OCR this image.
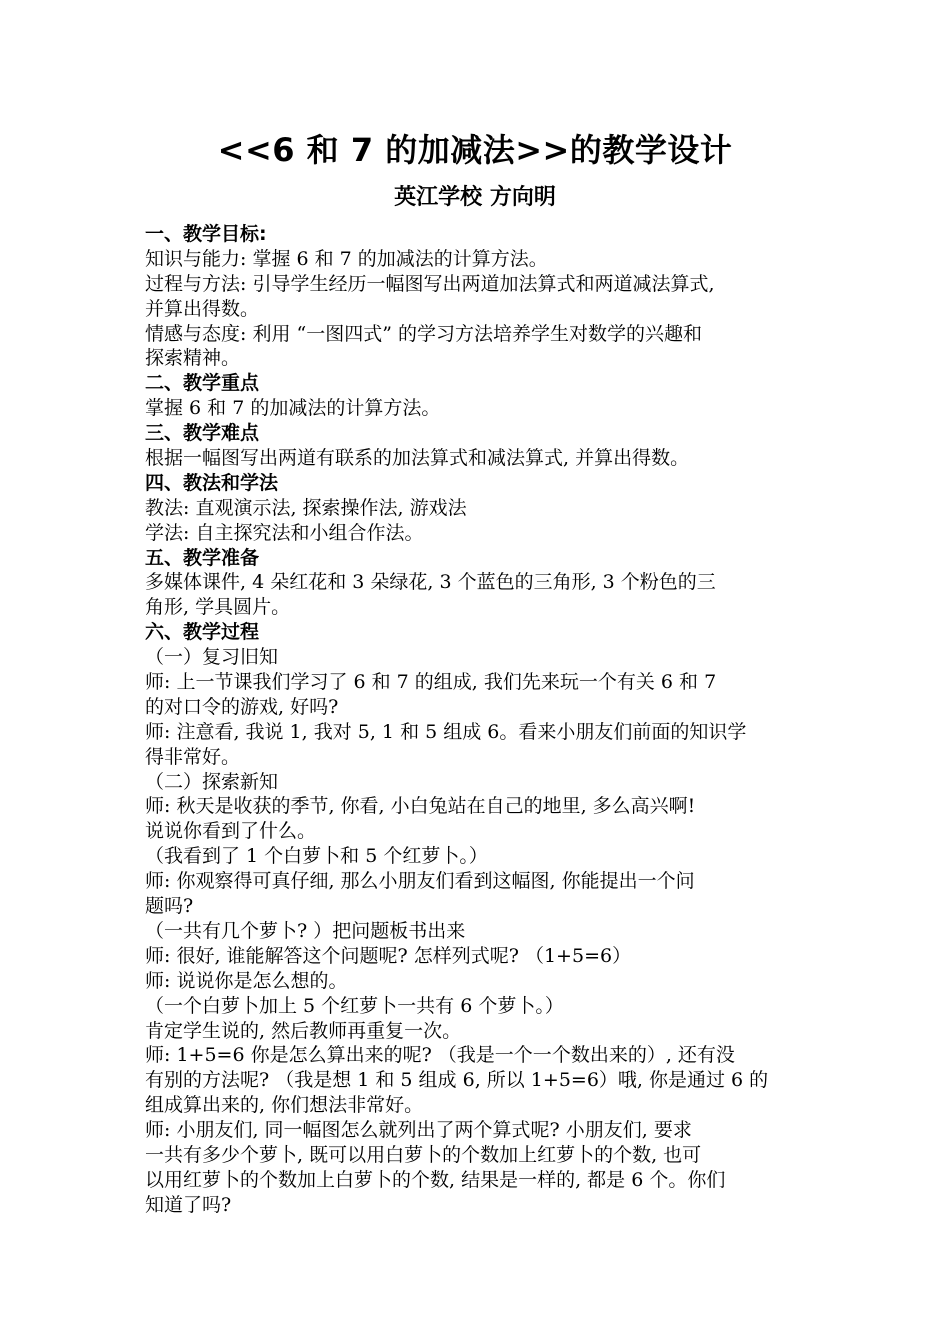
<<6 和 7 的加减法>>的教学设计
英江学校 方向明
一、教学目标:
知识与能力: 掌握 6 和 7 的加减法的计算方法。
过程与方法: 引导学生经历一幅图写出两道加法算式和两道减法算式,
并算出得数。
情感与态度: 利用 “一图四式” 的学习方法培养学生对数学的兴趣和
探索精神。
二、教学重点
掌握 6 和 7 的加减法的计算方法。
三、教学难点
根据一幅图写出两道有联系的加法算式和减法算式, 并算出得数。
四、教法和学法
教法: 直观演示法, 探索操作法, 游戏法
学法: 自主探究法和小组合作法。
五、教学准备
多媒体课件, 4 朵红花和 3 朵绿花, 3 个蓝色的三角形, 3 个粉色的三
角形, 学具圆片。
六、教学过程
（一）复习旧知
师: 上一节课我们学习了 6 和 7 的组成, 我们先来玩一个有关 6 和 7
的对口令的游戏, 好吗?
师: 注意看, 我说 1, 我对 5, 1 和 5 组成 6。看来小朋友们前面的知识学
得非常好。
（二）探索新知
师: 秋天是收获的季节, 你看, 小白兔站在自己的地里, 多么高兴啊!
说说你看到了什么。
（我看到了 1 个白萝卜和 5 个红萝卜。）
师: 你观察得可真仔细, 那么小朋友们看到这幅图, 你能提出一个问
题吗?
（一共有几个萝卜? ）把问题板书出来
师: 很好, 谁能解答这个问题呢? 怎样列式呢? （1+5=6）
师: 说说你是怎么想的。
（一个白萝卜加上 5 个红萝卜一共有 6 个萝卜。）
肯定学生说的, 然后教师再重复一次。
师: 1+5=6 你是怎么算出来的呢? （我是一个一个数出来的）, 还有没
有别的方法呢? （我是想 1 和 5 组成 6, 所以 1+5=6）哦, 你是通过 6 的
组成算出来的, 你们想法非常好。
师: 小朋友们, 同一幅图怎么就列出了两个算式呢? 小朋友们, 要求
一共有多少个萝卜, 既可以用白萝卜的个数加上红萝卜的个数, 也可
以用红萝卜的个数加上白萝卜的个数, 结果是一样的, 都是 6 个。你们
知道了吗?
